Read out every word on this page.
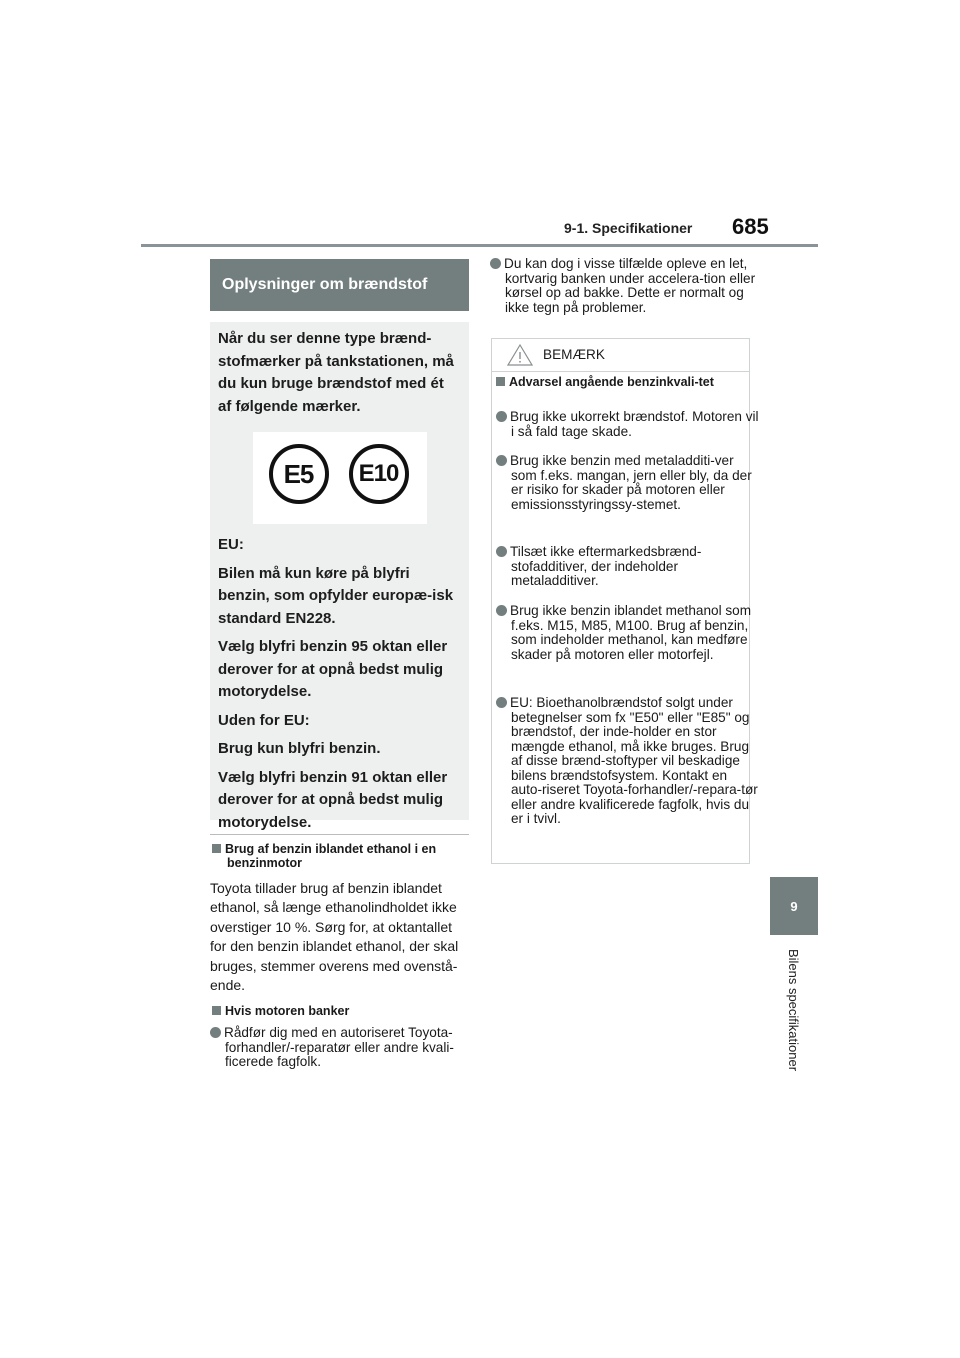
9-1. Specifikationer 685
9
Bilens specifikationer
Oplysninger om brændstof

Når du ser denne type brænd-stofmærker på tankstationen, må du kun bruge brændstof med ét af følgende mærker.

E5	E10

EU:

Bilen må kun køre på blyfri benzin, som opfylder europæ-isk standard EN228.

Vælg blyfri benzin 95 oktan eller derover for at opnå bedst mulig motorydelse.

Uden for EU:

Brug kun blyfri benzin.

Vælg blyfri benzin 91 oktan eller derover for at opnå bedst mulig motorydelse.

Brug af benzin iblandet ethanol i en benzinmotor
Toyota tillader brug af benzin iblandet ethanol, så længe ethanolindholdet ikke overstiger 10 %. Sørg for, at oktantallet for den benzin iblandet ethanol, der skal bruges, stemmer overens med ovenstå-ende.
Hvis motoren banker
Rådfør dig med en autoriseret Toyota-forhandler/-reparatør eller andre kvali-ficerede fagfolk.
Du kan dog i visse tilfælde opleve en let, kortvarig banken under accelera-tion eller kørsel op ad bakke. Dette er normalt og ikke tegn på problemer.
BEMÆRK
Advarsel angående benzinkvali-tet
Brug ikke ukorrekt brændstof. Motoren vil i så fald tage skade.
Brug ikke benzin med metaladditi-ver som f.eks. mangan, jern eller bly, da der er risiko for skader på motoren eller emissionsstyringssy-stemet.
Tilsæt ikke eftermarkedsbrænd-stofadditiver, der indeholder metaladditiver.
Brug ikke benzin iblandet methanol som f.eks. M15, M85, M100. Brug af benzin, som indeholder methanol, kan medføre skader på motoren eller motorfejl.
EU: Bioethanolbrændstof solgt under betegnelser som fx "E50" eller "E85" og brændstof, der inde-holder en stor mængde ethanol, må ikke bruges. Brug af disse brænd-stoftyper vil beskadige bilens brændstofsystem. Kontakt en auto-riseret Toyota-forhandler/-repara-tør eller andre kvalificerede fagfolk, hvis du er i tvivl.
